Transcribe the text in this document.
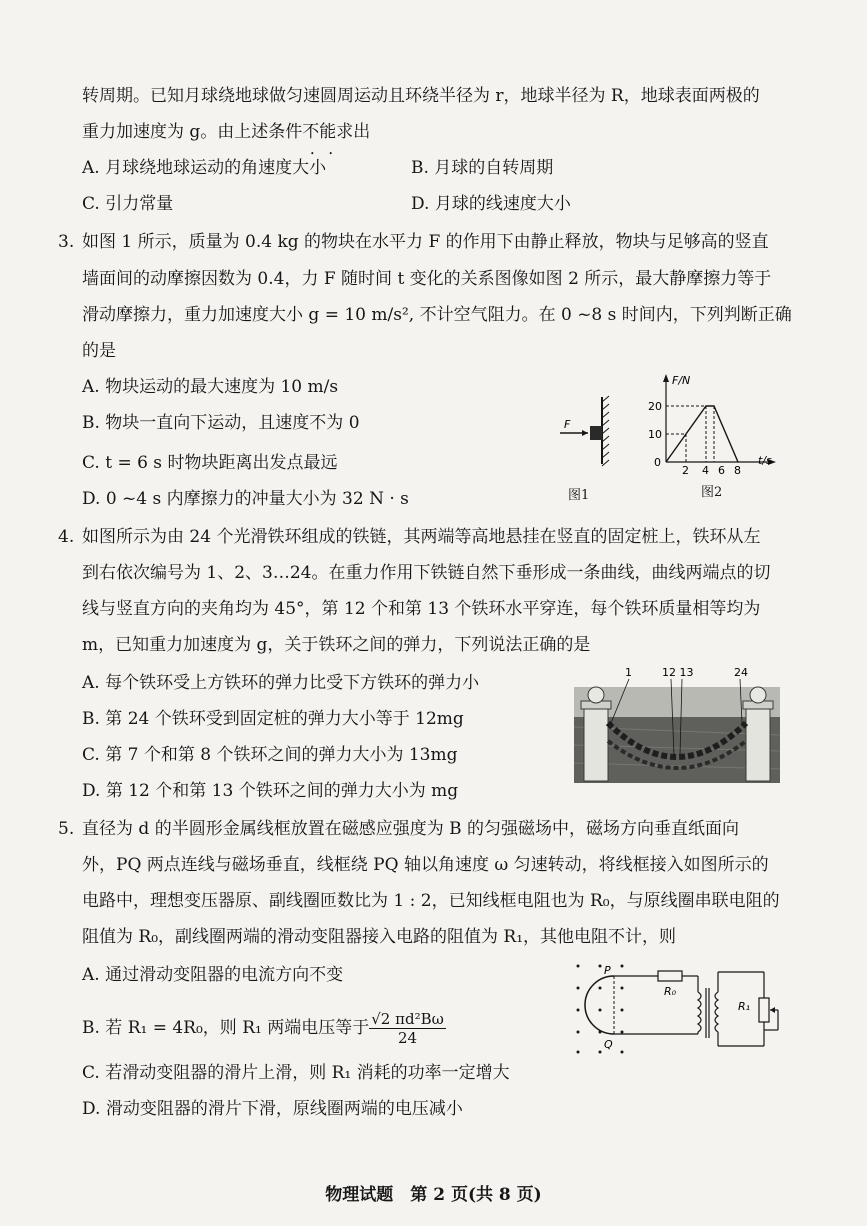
转周期。已知月球绕地球做匀速圆周运动且环绕半径为 r，地球半径为 R，地球表面两极的
重力加速度为 g。由上述条件不能 • •求出
A. 月球绕地球运动的角速度大小	B. 月球的自转周期
C. 引力常量	D. 月球的线速度大小
3. 如图 1 所示，质量为 0.4 kg 的物块在水平力 F 的作用下由静止释放，物块与足够高的竖直
墙面间的动摩擦因数为 0.4，力 F 随时间 t 变化的关系图像如图 2 所示，最大静摩擦力等于
滑动摩擦力，重力加速度大小 g = 10 m/s², 不计空气阻力。在 0 ~8 s 时间内，下列判断正确
的是
A. 物块运动的最大速度为 10 m/s
B. 物块一直向下运动，且速度不为 0
C. t = 6 s 时物块距离出发点最远
D. 0 ~4 s 内摩擦力的冲量大小为 32 N · s
F
图1
F/N
t/s
20
10
0
2 4 6 8
图2
4. 如图所示为由 24 个光滑铁环组成的铁链，其两端等高地悬挂在竖直的固定桩上，铁环从左
到右依次编号为 1、2、3…24。在重力作用下铁链自然下垂形成一条曲线，曲线两端点的切
线与竖直方向的夹角均为 45°，第 12 个和第 13 个铁环水平穿连，每个铁环质量相等均为
m，已知重力加速度为 g，关于铁环之间的弹力，下列说法正确的是
A. 每个铁环受上方铁环的弹力比受下方铁环的弹力小
B. 第 24 个铁环受到固定桩的弹力大小等于 12mg
C. 第 7 个和第 8 个铁环之间的弹力大小为 13mg
D. 第 12 个和第 13 个铁环之间的弹力大小为 mg
1	12 13	24
5. 直径为 d 的半圆形金属线框放置在磁感应强度为 B 的匀强磁场中，磁场方向垂直纸面向
外，PQ 两点连线与磁场垂直，线框绕 PQ 轴以角速度 ω 匀速转动，将线框接入如图所示的
电路中，理想变压器原、副线圈匝数比为 1 : 2，已知线框电阻也为 R₀，与原线圈串联电阻的
阻值为 R₀，副线圈两端的滑动变阻器接入电路的阻值为 R₁，其他电阻不计，则
A. 通过滑动变阻器的电流方向不变
B. 若 R₁ = 4R₀，则 R₁ 两端电压等于 $\frac{\text{√2 πd²Bω}}{24}$
C. 若滑动变阻器的滑片上滑，则 R₁ 消耗的功率一定增大
D. 滑动变阻器的滑片下滑，原线圈两端的电压减小
P
Q
R₀
R₁
物理试题　第 2 页(共 8 页)
